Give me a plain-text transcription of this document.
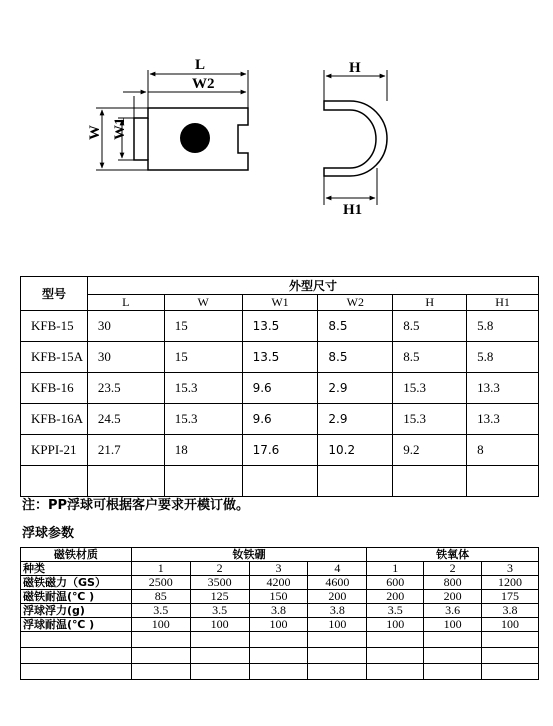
L
W2
W W1
H
H1
型号	外型尺寸					
	L	W	W1	W2	H	H1
KFB-15	30	15	13.5	8.5	8.5	5.8
KFB-15A	30	15	13.5	8.5	8.5	5.8
KFB-16	23.5	15.3	9.6	2.9	15.3	13.3
KFB-16A	24.5	15.3	9.6	2.9	15.3	13.3
KPPI-21	21.7	18	17.6	10.2	9.2	8

注：PP浮球可根据客户要求开模订做。
浮球参数
磁铁材质	钕铁硼				铁氧体		
种类	1	2	3	4	1	2	3
磁铁磁力（GS）	2500	3500	4200	4600	600	800	1200
磁铁耐温(℃ )	85	125	150	200	200	200	175
浮球浮力(g)	3.5	3.5	3.8	3.8	3.5	3.6	3.8
浮球耐温(℃ )	100	100	100	100	100	100	100
